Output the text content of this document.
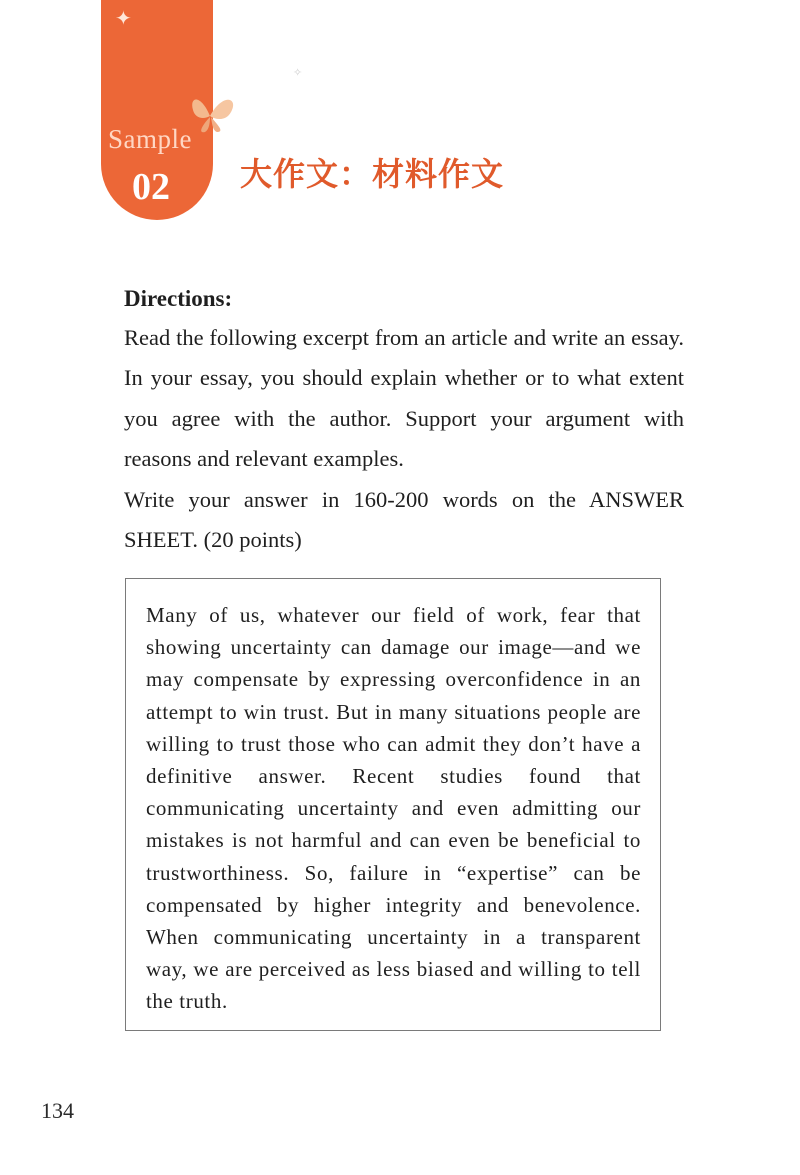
✦
Sample
02
✧
大作文：材料作文
Directions:

Read the following excerpt from an article and write an essay. In your essay, you should explain whether or to what extent you agree with the author. Support your argument with reasons and relevant examples.

Write your answer in 160-200 words on the ANSWER SHEET. (20 points)

Many of us, whatever our field of work, fear that showing uncertainty can damage our image—and we may compensate by expressing overconfidence in an attempt to win trust. But in many situations people are willing to trust those who can admit they don’t have a definitive answer. Recent studies found that communicating uncertainty and even admitting our mistakes is not harmful and can even be beneficial to trustworthiness. So, failure in “expertise” can be compensated by higher integrity and benevolence. When communicating uncertainty in a transparent way, we are perceived as less biased and willing to tell the truth.

134
